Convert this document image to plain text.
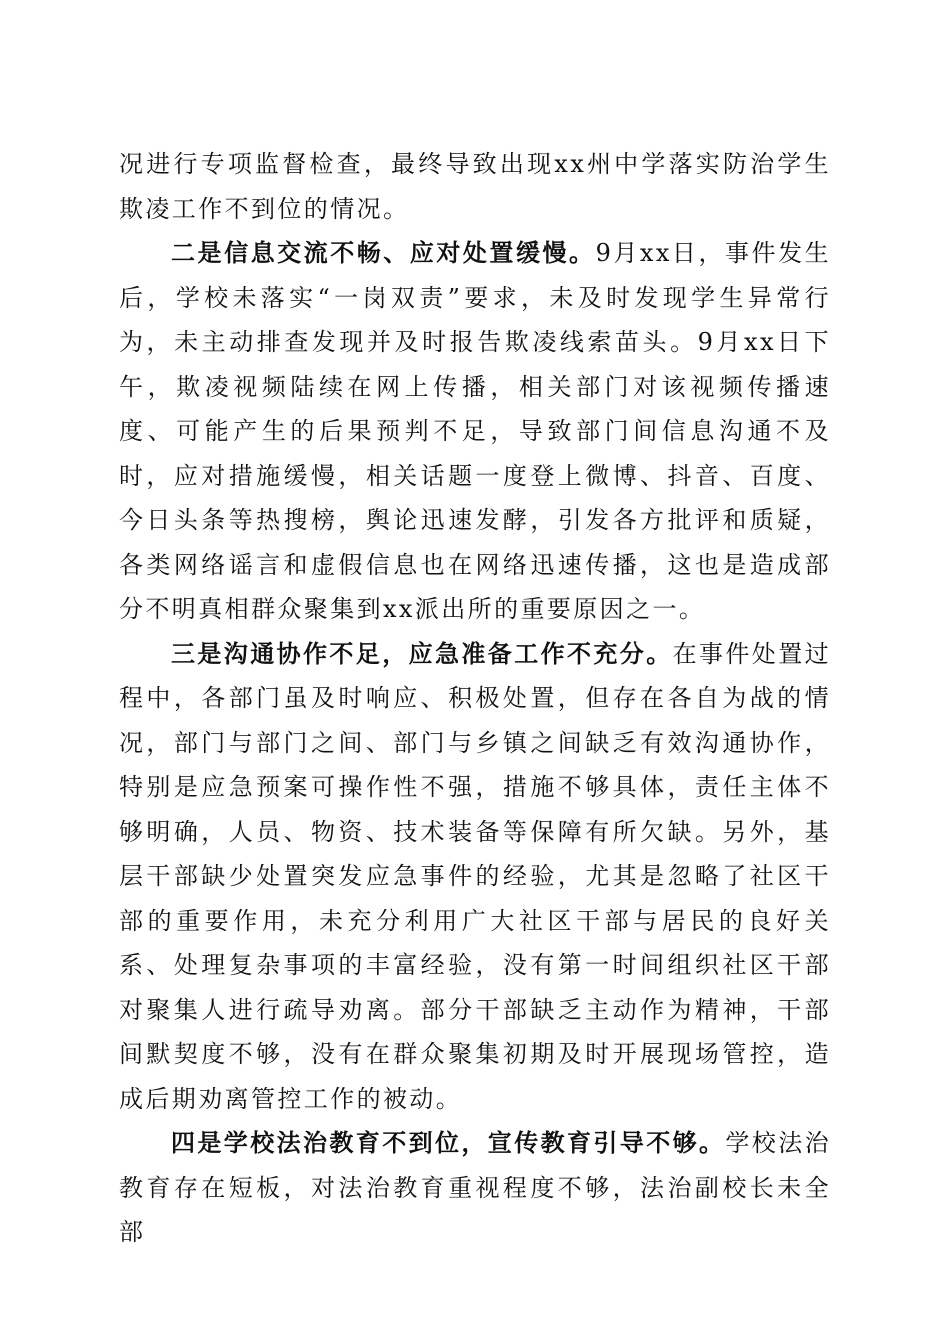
况进行专项监督检查，最终导致出现xx州中学落实防治学生欺凌工作不到位的情况。

二是信息交流不畅、应对处置缓慢。9月xx日，事件发生后，学校未落实“一岗双责”要求，未及时发现学生异常行为，未主动排查发现并及时报告欺凌线索苗头。9月xx日下午，欺凌视频陆续在网上传播，相关部门对该视频传播速度、可能产生的后果预判不足，导致部门间信息沟通不及时，应对措施缓慢，相关话题一度登上微博、抖音、百度、今日头条等热搜榜，舆论迅速发酵，引发各方批评和质疑，各类网络谣言和虚假信息也在网络迅速传播，这也是造成部分不明真相群众聚集到xx派出所的重要原因之一。

三是沟通协作不足，应急准备工作不充分。在事件处置过程中，各部门虽及时响应、积极处置，但存在各自为战的情况，部门与部门之间、部门与乡镇之间缺乏有效沟通协作，特别是应急预案可操作性不强，措施不够具体，责任主体不够明确，人员、物资、技术装备等保障有所欠缺。另外，基层干部缺少处置突发应急事件的经验，尤其是忽略了社区干部的重要作用，未充分利用广大社区干部与居民的良好关系、处理复杂事项的丰富经验，没有第一时间组织社区干部对聚集人进行疏导劝离。部分干部缺乏主动作为精神，干部间默契度不够，没有在群众聚集初期及时开展现场管控，造成后期劝离管控工作的被动。

四是学校法治教育不到位，宣传教育引导不够。学校法治教育存在短板，对法治教育重视程度不够，法治副校长未全部
